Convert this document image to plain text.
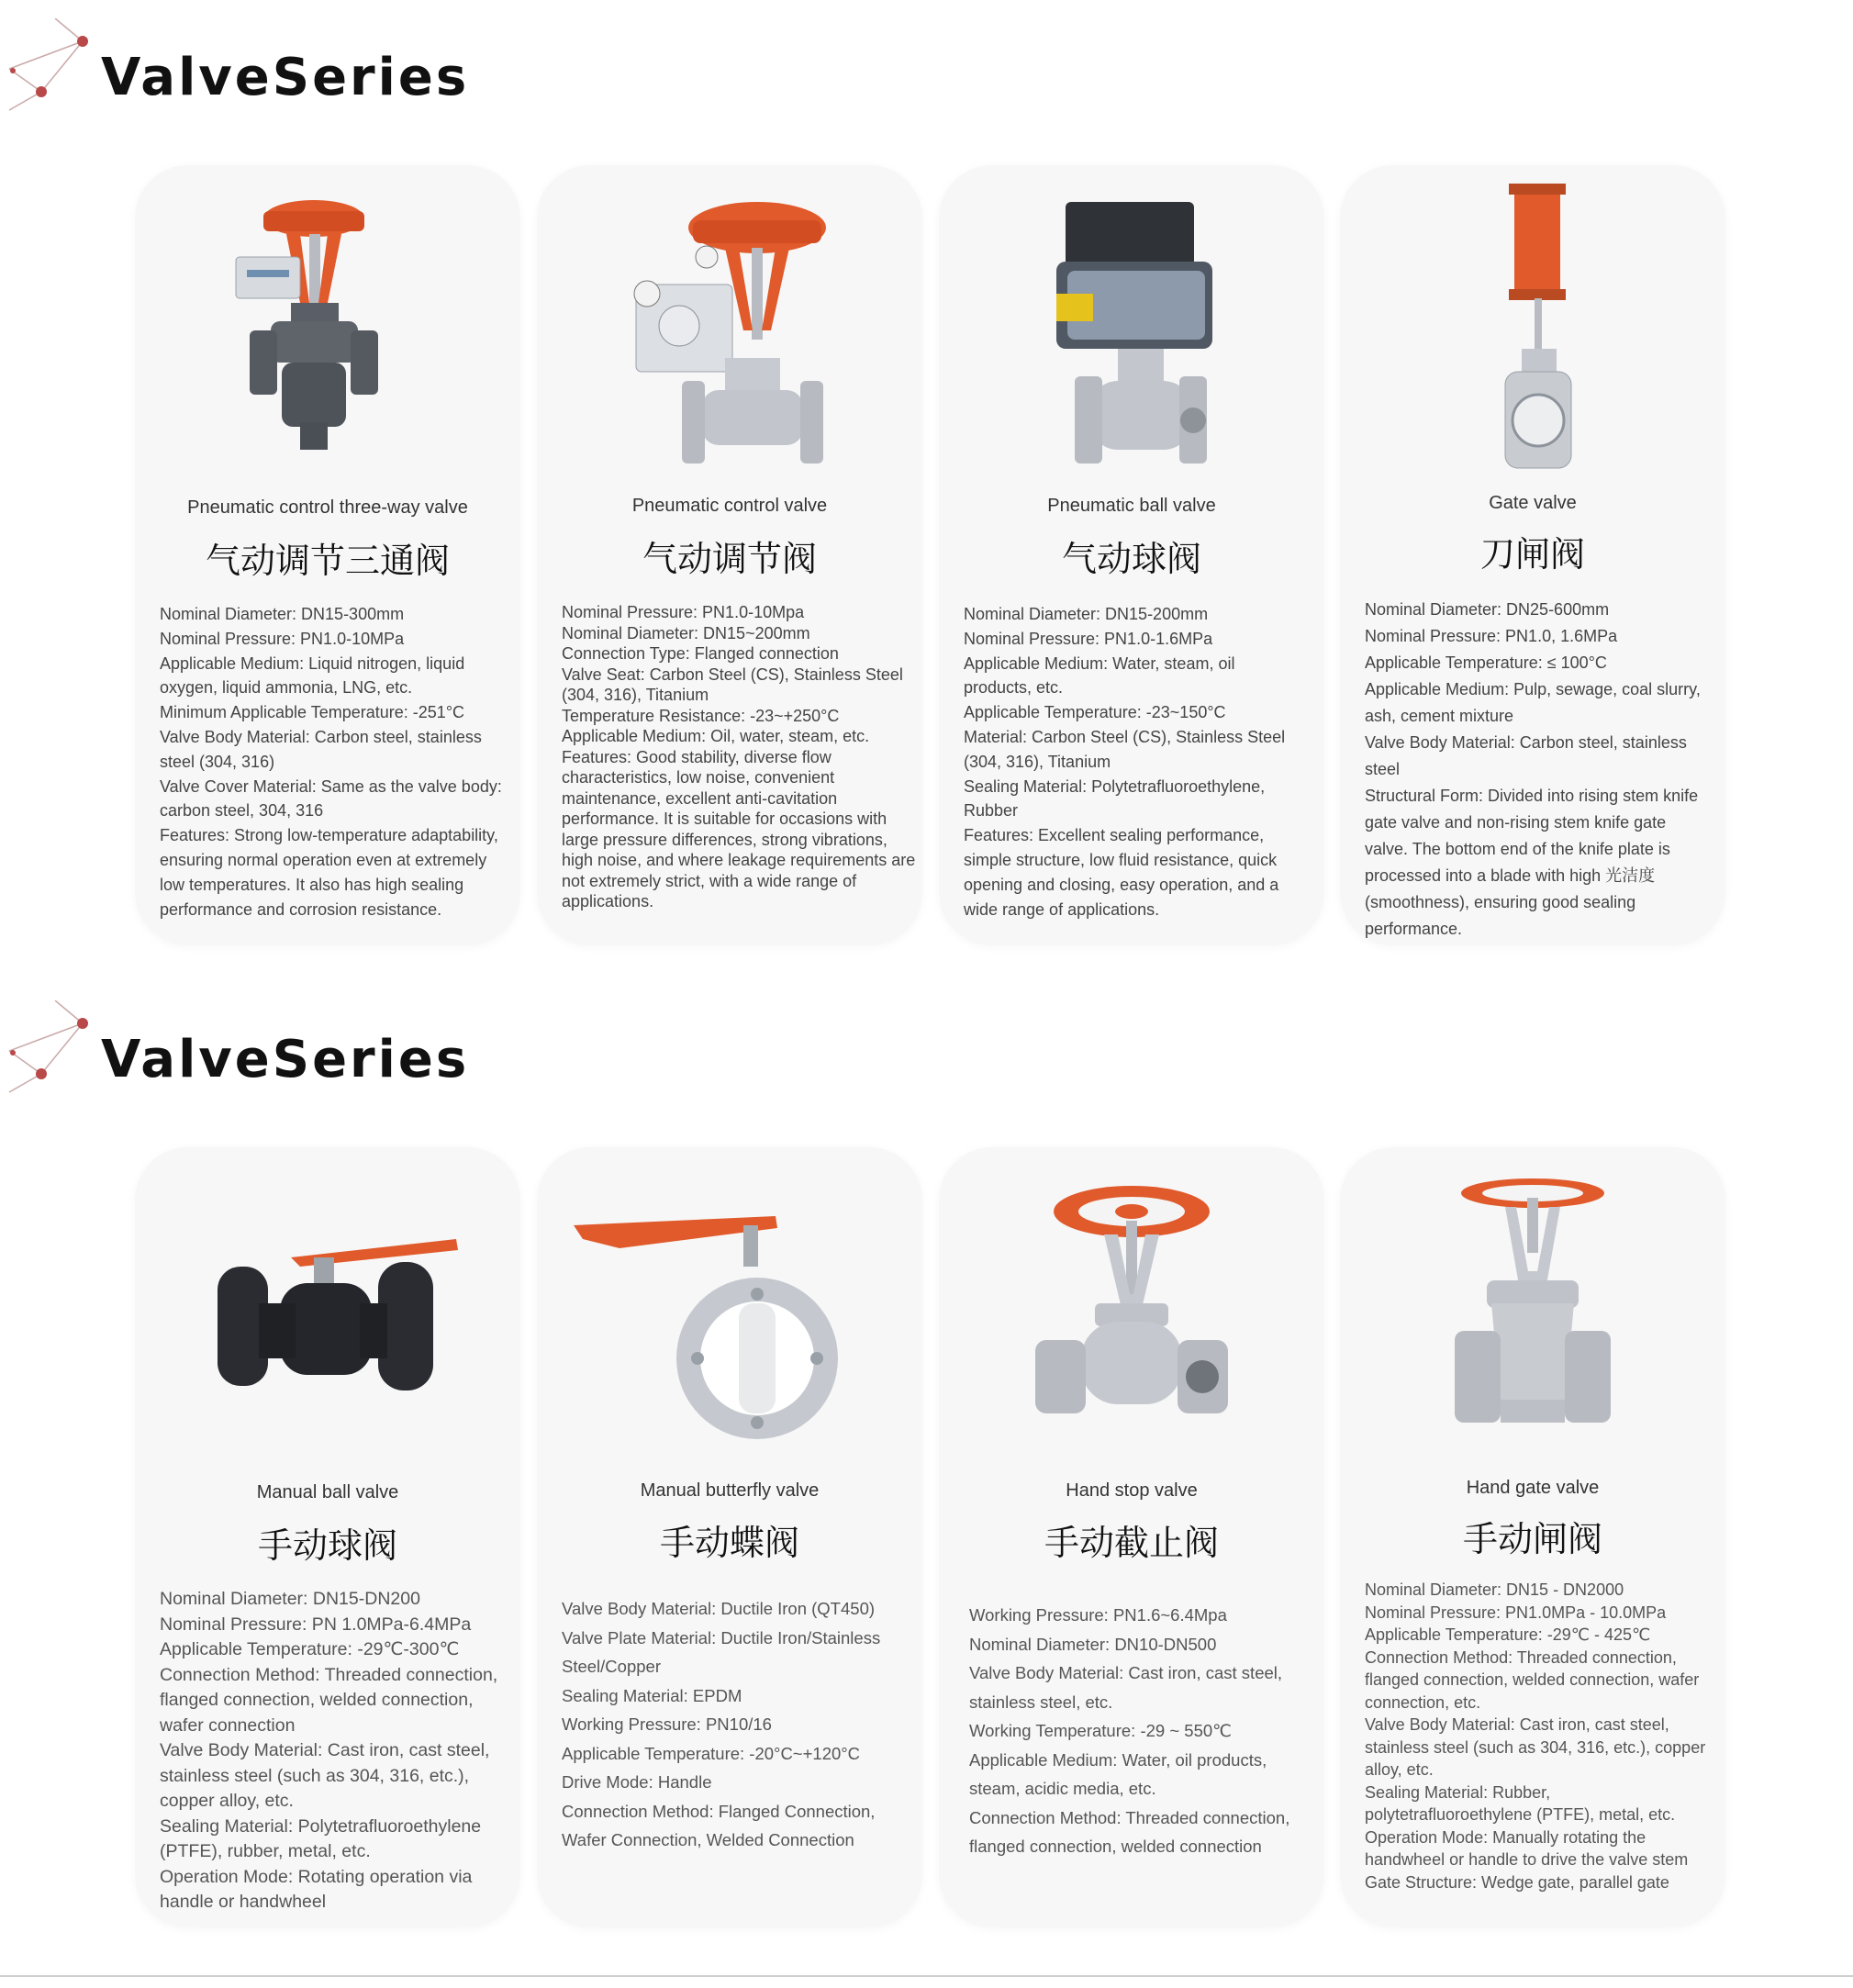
ValveSeries
Pneumatic control three-way valve
气动调节三通阀
Nominal Diameter: DN15-300mm
Nominal Pressure: PN1.0-10MPa
Applicable Medium: Liquid nitrogen, liquid oxygen, liquid ammonia, LNG, etc.
Minimum Applicable Temperature: -251°C
Valve Body Material: Carbon steel, stainless steel (304, 316)
Valve Cover Material: Same as the valve body: carbon steel, 304, 316
Features: Strong low-temperature adaptability, ensuring normal operation even at extremely low temperatures. It also has high sealing performance and corrosion resistance.
Pneumatic control valve
气动调节阀
Nominal Pressure: PN1.0-10Mpa
Nominal Diameter: DN15~200mm
Connection Type: Flanged connection
Valve Seat: Carbon Steel (CS), Stainless Steel (304, 316), Titanium
Temperature Resistance: -23~+250°C
Applicable Medium: Oil, water, steam, etc.
Features: Good stability, diverse flow characteristics, low noise, convenient maintenance, excellent anti-cavitation performance. It is suitable for occasions with large pressure differences, strong vibrations, high noise, and where leakage requirements are not extremely strict, with a wide range of applications.
Pneumatic ball valve
气动球阀
Nominal Diameter: DN15-200mm
Nominal Pressure: PN1.0-1.6MPa
Applicable Medium: Water, steam, oil products, etc.
Applicable Temperature: -23~150°C
Material: Carbon Steel (CS), Stainless Steel (304, 316), Titanium
Sealing Material: Polytetrafluoroethylene, Rubber
Features: Excellent sealing performance, simple structure, low fluid resistance, quick opening and closing, easy operation, and a wide range of applications.
Gate valve
刀闸阀
Nominal Diameter: DN25-600mm
Nominal Pressure: PN1.0, 1.6MPa
Applicable Temperature: ≤ 100°C
Applicable Medium: Pulp, sewage, coal slurry, ash, cement mixture
Valve Body Material: Carbon steel, stainless steel
Structural Form: Divided into rising stem knife gate valve and non-rising stem knife gate valve. The bottom end of the knife plate is processed into a blade with high 光洁度 (smoothness), ensuring good sealing performance.
ValveSeries
Manual ball valve
手动球阀
Nominal Diameter: DN15-DN200
Nominal Pressure: PN 1.0MPa-6.4MPa
Applicable Temperature: -29℃-300℃
Connection Method: Threaded connection, flanged connection, welded connection, wafer connection
Valve Body Material: Cast iron, cast steel, stainless steel (such as 304, 316, etc.), copper alloy, etc.
Sealing Material: Polytetrafluoroethylene (PTFE), rubber, metal, etc.
Operation Mode: Rotating operation via handle or handwheel
Manual butterfly valve
手动蝶阀
Valve Body Material: Ductile Iron (QT450)
Valve Plate Material: Ductile Iron/Stainless Steel/Copper
Sealing Material: EPDM
Working Pressure: PN10/16
Applicable Temperature: -20°C~+120°C
Drive Mode: Handle
Connection Method: Flanged Connection, Wafer Connection, Welded Connection
Hand stop valve
手动截止阀
Working Pressure: PN1.6~6.4Mpa
Nominal Diameter: DN10-DN500
Valve Body Material: Cast iron, cast steel, stainless steel, etc.
Working Temperature: -29 ~ 550℃
Applicable Medium: Water, oil products, steam, acidic media, etc.
Connection Method: Threaded connection, flanged connection, welded connection
Hand gate valve
手动闸阀
Nominal Diameter: DN15 - DN2000
Nominal Pressure: PN1.0MPa - 10.0MPa
Applicable Temperature: -29℃ - 425℃
Connection Method: Threaded connection, flanged connection, welded connection, wafer connection, etc.
Valve Body Material: Cast iron, cast steel, stainless steel (such as 304, 316, etc.), copper alloy, etc.
Sealing Material: Rubber, polytetrafluoroethylene (PTFE), metal, etc.
Operation Mode: Manually rotating the handwheel or handle to drive the valve stem
Gate Structure: Wedge gate, parallel gate
